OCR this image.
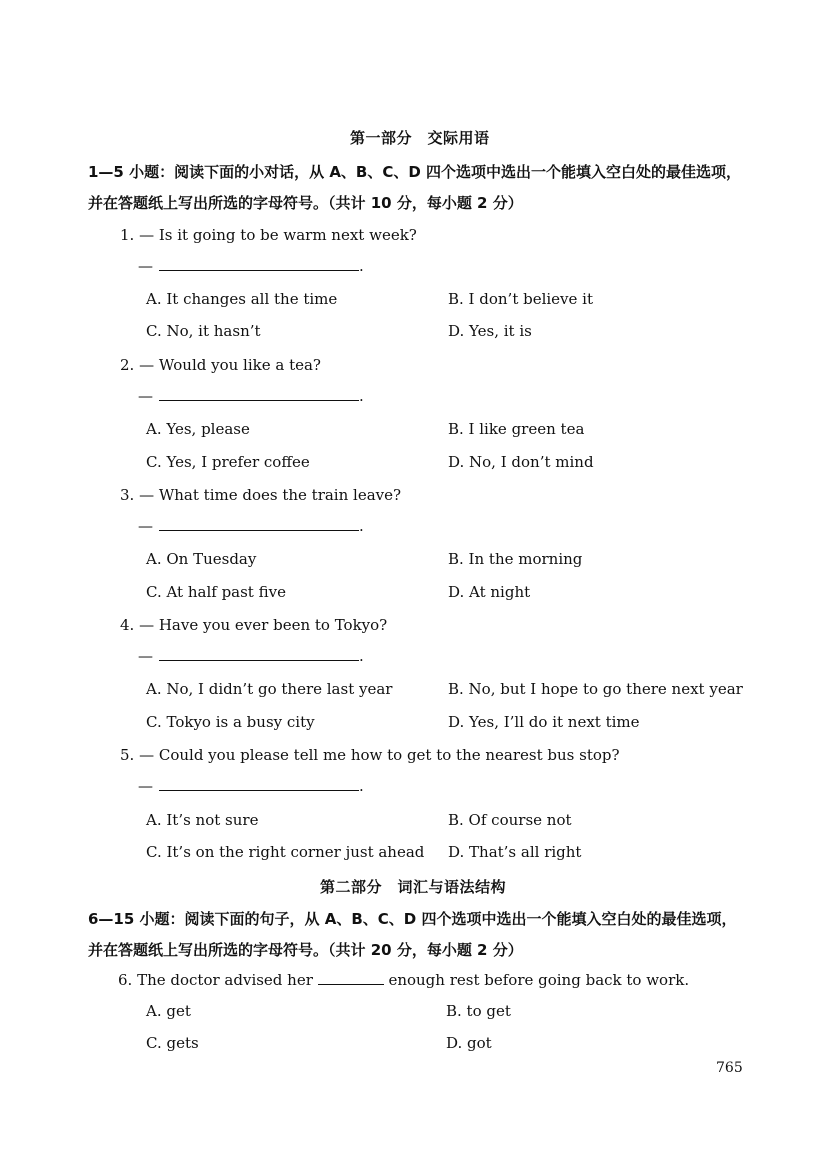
第一部分　交际用语
1—5 小题：阅读下面的小对话，从 A、B、C、D 四个选项中选出一个能填入空白处的最佳选项，
并在答题纸上写出所选的字母符号。（共计 10 分，每小题 2 分）
1. — Is it going to be warm next week?
—	.
A. It changes all the time	B. I don’t believe it
C. No, it hasn’t	D. Yes, it is
2. — Would you like a tea?
—	.
A. Yes, please	B. I like green tea
C. Yes, I prefer coffee	D. No, I don’t mind
3. — What time does the train leave?
—	.
A. On Tuesday	B. In the morning
C. At half past five	D. At night
4. — Have you ever been to Tokyo?
—	.
A. No, I didn’t go there last year	B. No, but I hope to go there next year
C. Tokyo is a busy city	D. Yes, I’ll do it next time
5. — Could you please tell me how to get to the nearest bus stop?
—	.
A. It’s not sure	B. Of course not
C. It’s on the right corner just ahead D. That’s all right
第二部分　词汇与语法结构
6—15 小题：阅读下面的句子，从 A、B、C、D 四个选项中选出一个能填入空白处的最佳选项，
并在答题纸上写出所选的字母符号。（共计 20 分，每小题 2 分）
6. The doctor advised her	enough rest before going back to work.
A. get	B. to get
C. gets	D. got
765
